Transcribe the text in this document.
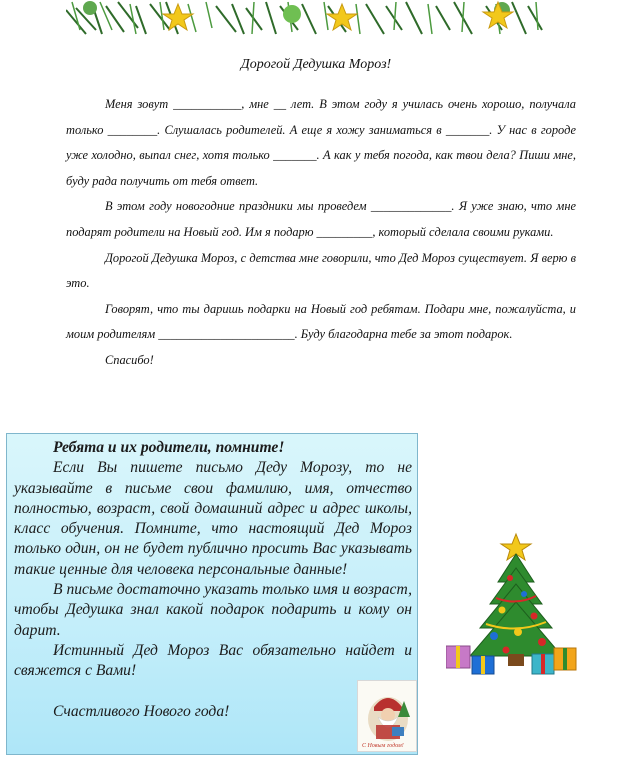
Дорогой Дедушка Мороз!

Меня зовут ___________, мне __ лет. В этом году я училась очень хорошо, получала только ________. Слушалась родителей. А еще я хожу заниматься в _______. У нас в городе уже холодно, выпал снег, хотя только _______. А как у тебя погода, как твои дела? Пиши мне, буду рада получить от тебя ответ.

В этом году новогодние праздники мы проведем _____________. Я уже знаю, что мне подарят родители на Новый год. Им я подарю _________, который сделала своими руками.

Дорогой Дедушка Мороз, с детства мне говорили, что Дед Мороз существует. Я верю в это.

Говорят, что ты даришь подарки на Новый год ребятам. Подари мне, пожалуйста, и моим родителям ______________________. Буду благодарна тебе за этот подарок.

Спасибо!

Ребята и их родители, помните!

Если Вы пишете письмо Деду Морозу, то не указывайте в письме свои фамилию, имя, отчество полностью, возраст, свой домашний адрес и адрес школы, класс обучения. Помните, что настоящий Дед Мороз только один, он не будет публично просить Вас указывать такие ценные для человека персональные данные!

В письме достаточно указать только имя и возраст, чтобы Дедушка знал какой подарок подарить и кому он дарит.

Истинный Дед Мороз Вас обязательно найдет и свяжется с Вами!

Счастливого Нового года!

С Новым годом!
